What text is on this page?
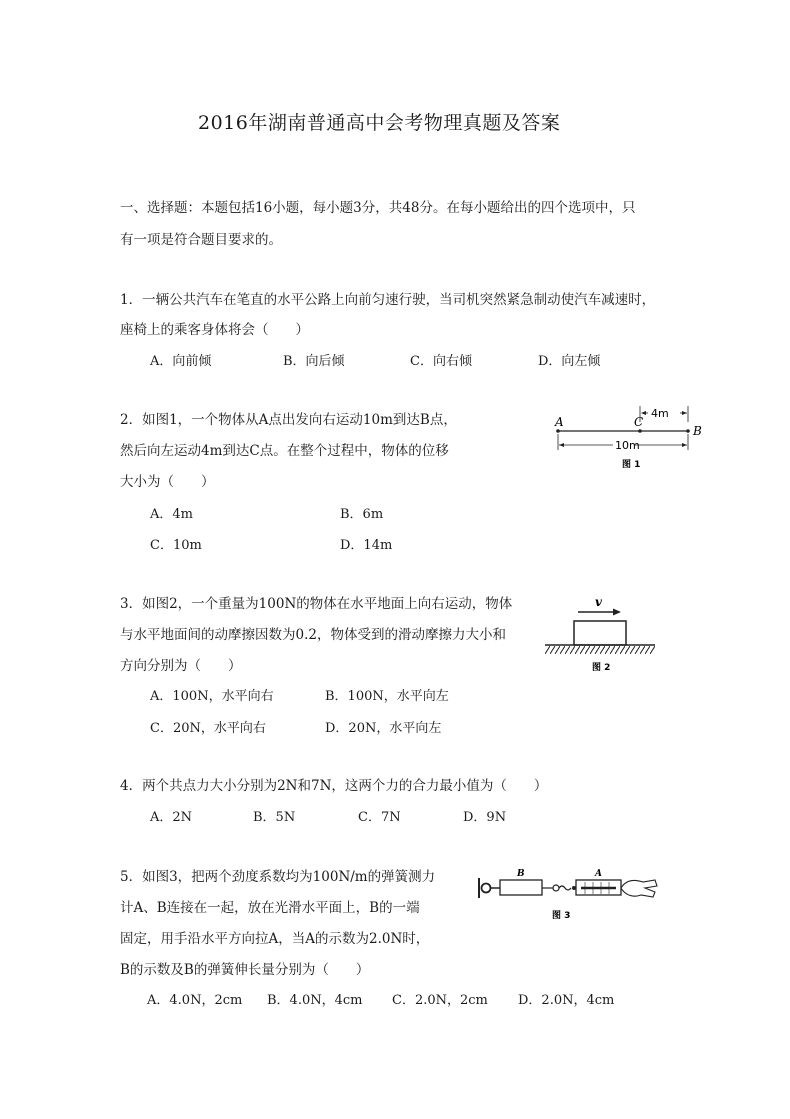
2016年湖南普通高中会考物理真题及答案
一、选择题：本题包括16小题，每小题3分，共48分。在每小题给出的四个选项中，只
有一项是符合题目要求的。
1．一辆公共汽车在笔直的水平公路上向前匀速行驶，当司机突然紧急制动使汽车减速时，
座椅上的乘客身体将会（　　）
A．向前倾	B．向后倾	C．向右倾	D．向左倾
2．如图1，一个物体从A点出发向右运动10m到达B点，
然后向左运动4m到达C点。在整个过程中，物体的位移
大小为（　　）
A．4m	B．6m
C．10m	D．14m
A	C
B
4m
10m
图 1
3．如图2，一个重量为100N的物体在水平地面上向右运动，物体
与水平地面间的动摩擦因数为0.2，物体受到的滑动摩擦力大小和
方向分别为（　　）
A．100N，水平向右	B．100N，水平向左
C．20N，水平向右	D．20N，水平向左
v
图 2
4．两个共点力大小分别为2N和7N，这两个力的合力最小值为（　　）
A．2N	B．5N	C．7N	D．9N
5．如图3，把两个劲度系数均为100N/m的弹簧测力
计A、B连接在一起，放在光滑水平面上，B的一端
固定，用手沿水平方向拉A，当A的示数为2.0N时，
B的示数及B的弹簧伸长量分别为（　　）
A．4.0N，2cm B．4.0N，4cm C．2.0N，2cm D．2.0N，4cm
B	A
图 3
